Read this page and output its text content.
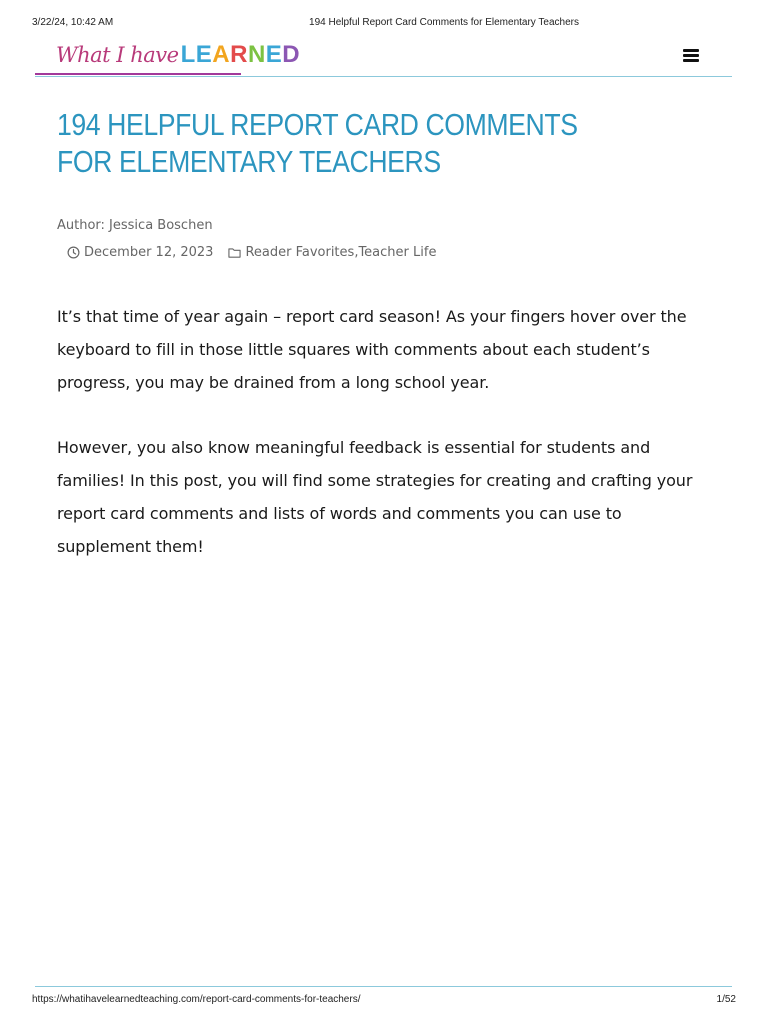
3/22/24, 10:42 AM	194 Helpful Report Card Comments for Elementary Teachers
What I have LEARNED
194 HELPFUL REPORT CARD COMMENTS FOR ELEMENTARY TEACHERS
Author: Jessica Boschen
December 12, 2023 Reader Favorites , Teacher Life

It’s that time of year again – report card season! As your fingers hover over the keyboard to fill in those little squares with comments about each student’s progress, you may be drained from a long school year.

However, you also know meaningful feedback is essential for students and families! In this post, you will find some strategies for creating and crafting your report card comments and lists of words and comments you can use to supplement them!

https://whatihavelearnedteaching.com/report-card-comments-for-teachers/	1/52
